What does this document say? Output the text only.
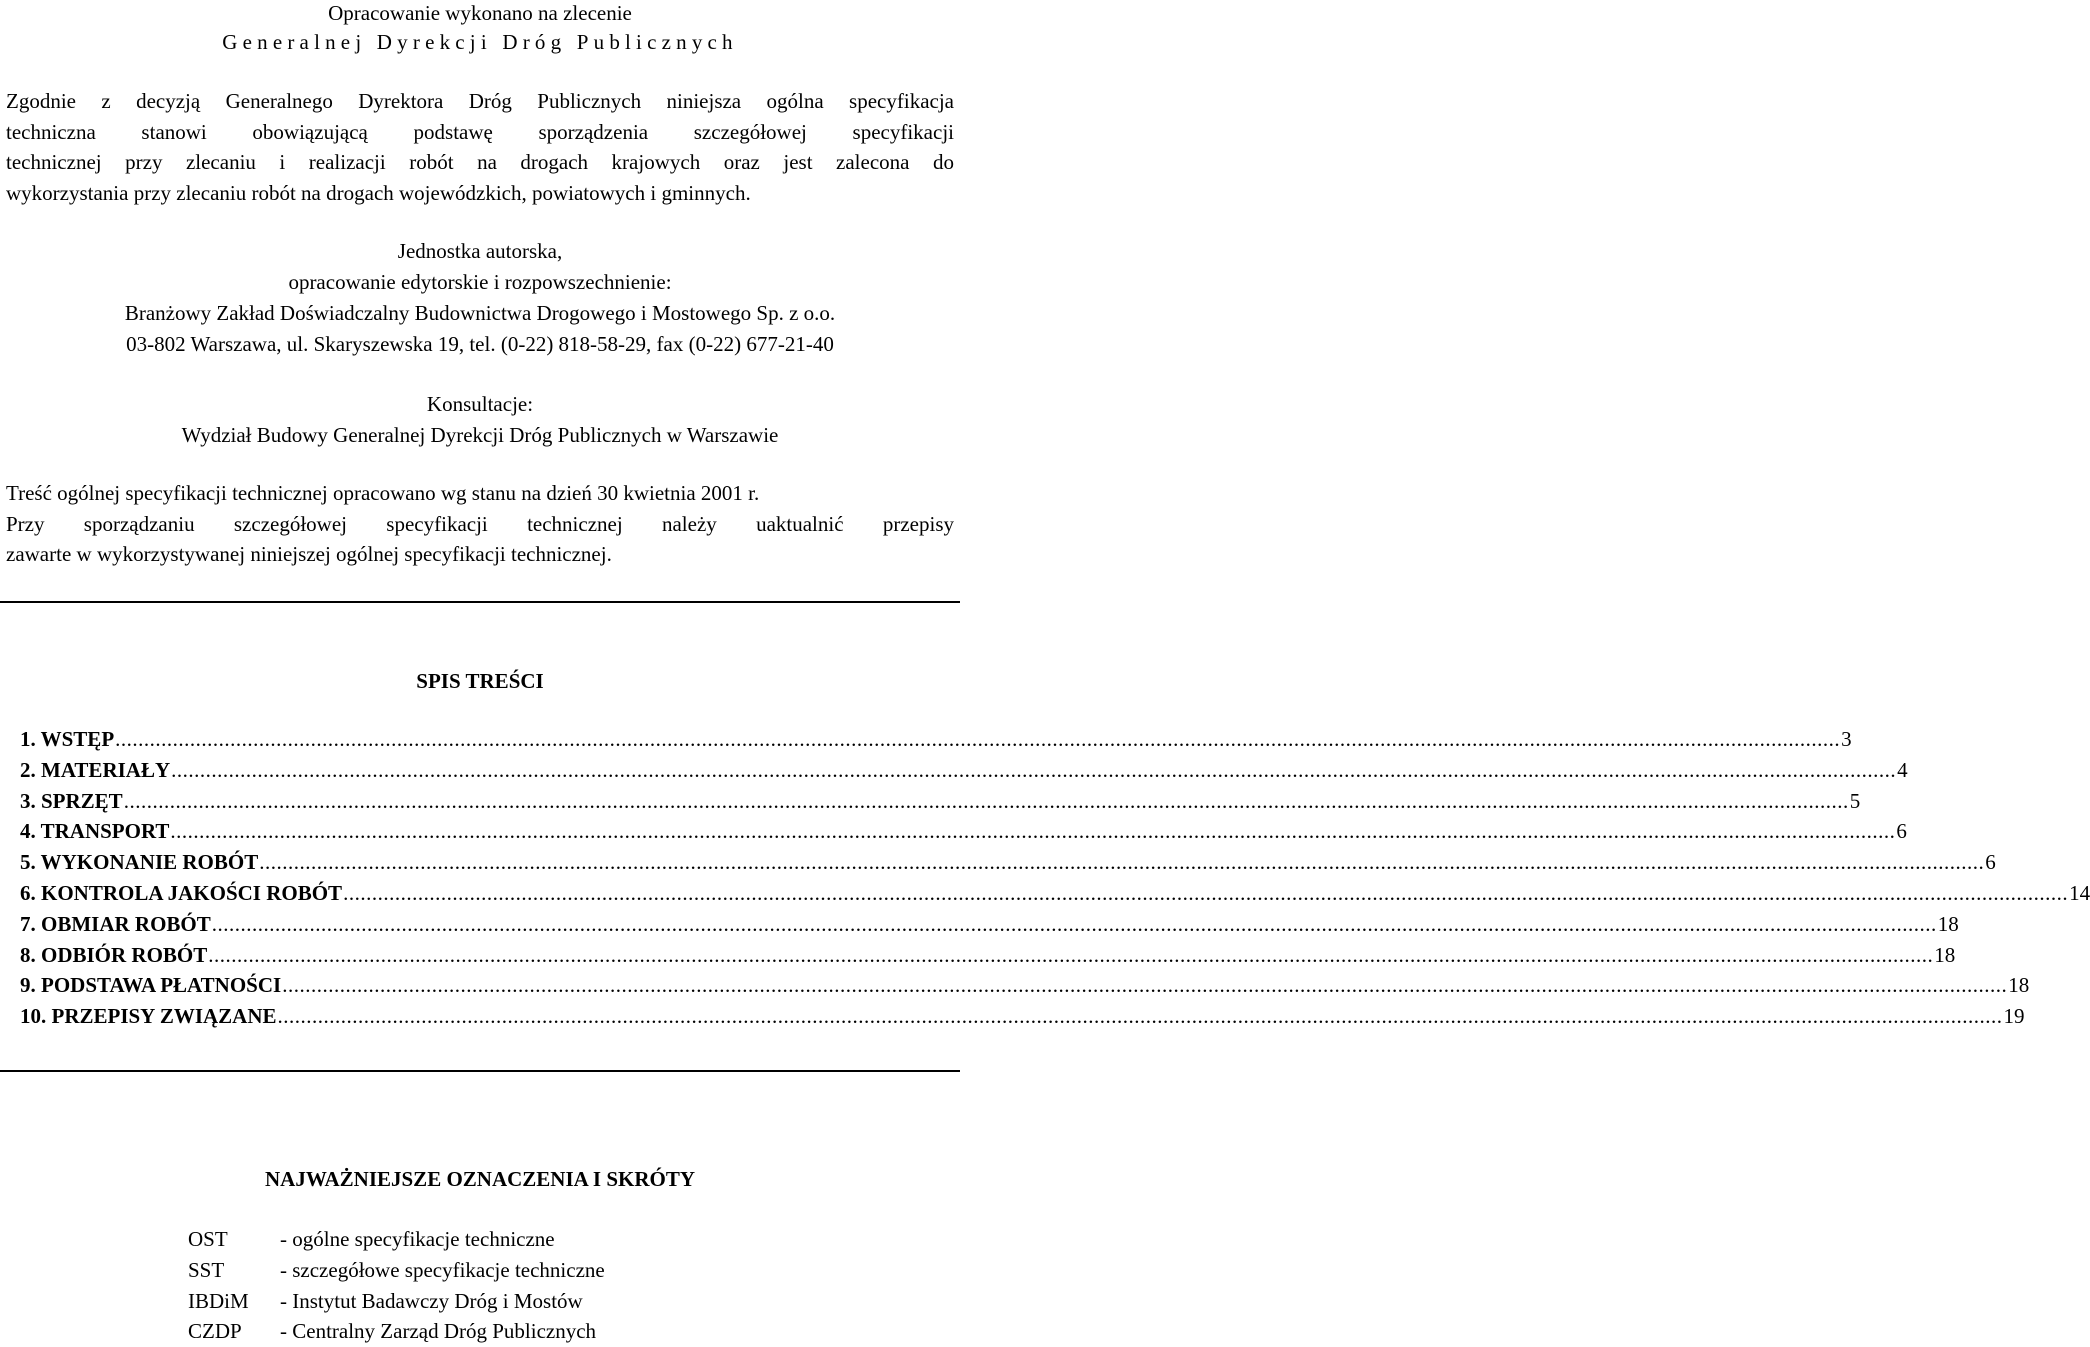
Opracowanie wykonano na zlecenie
Generalnej Dyrekcji Dróg Publicznych
Zgodnie z decyzją Generalnego Dyrektora Dróg Publicznych niniejsza ogólna specyfikacja
techniczna stanowi obowiązującą podstawę sporządzenia szczegółowej specyfikacji
technicznej przy zlecaniu i realizacji robót na drogach krajowych oraz jest zalecona do
wykorzystania przy zlecaniu robót na drogach wojewódzkich, powiatowych i gminnych.
Jednostka autorska,
opracowanie edytorskie i rozpowszechnienie:
Branżowy Zakład Doświadczalny Budownictwa Drogowego i Mostowego Sp. z o.o.
03-802 Warszawa, ul. Skaryszewska 19, tel. (0-22) 818-58-29, fax (0-22) 677-21-40
Konsultacje:
Wydział Budowy Generalnej Dyrekcji Dróg Publicznych w Warszawie
Treść ogólnej specyfikacji technicznej opracowano wg stanu na dzień 30 kwietnia 2001 r.
Przy sporządzaniu szczegółowej specyfikacji technicznej należy uaktualnić przepisy
zawarte w wykorzystywanej niniejszej ogólnej specyfikacji technicznej.
SPIS TREŚCI
1. WSTĘP ............................................................................................................................................................................................................................................................................................................ 3
2. MATERIAŁY ............................................................................................................................................................................................................................................................................................................ 4
3. SPRZĘT ............................................................................................................................................................................................................................................................................................................ 5
4. TRANSPORT ............................................................................................................................................................................................................................................................................................................ 6
5. WYKONANIE ROBÓT ............................................................................................................................................................................................................................................................................................................ 6
6. KONTROLA JAKOŚCI ROBÓT ............................................................................................................................................................................................................................................................................................................ 14
7. OBMIAR ROBÓT ............................................................................................................................................................................................................................................................................................................ 18
8. ODBIÓR ROBÓT ............................................................................................................................................................................................................................................................................................................ 18
9. PODSTAWA PŁATNOŚCI ............................................................................................................................................................................................................................................................................................................ 18
10. PRZEPISY ZWIĄZANE ............................................................................................................................................................................................................................................................................................................ 19
NAJWAŻNIEJSZE OZNACZENIA I SKRÓTY
OST	- ogólne specyfikacje techniczne
SST	- szczegółowe specyfikacje techniczne
IBDiM	- Instytut Badawczy Dróg i Mostów
CZDP	- Centralny Zarząd Dróg Publicznych
